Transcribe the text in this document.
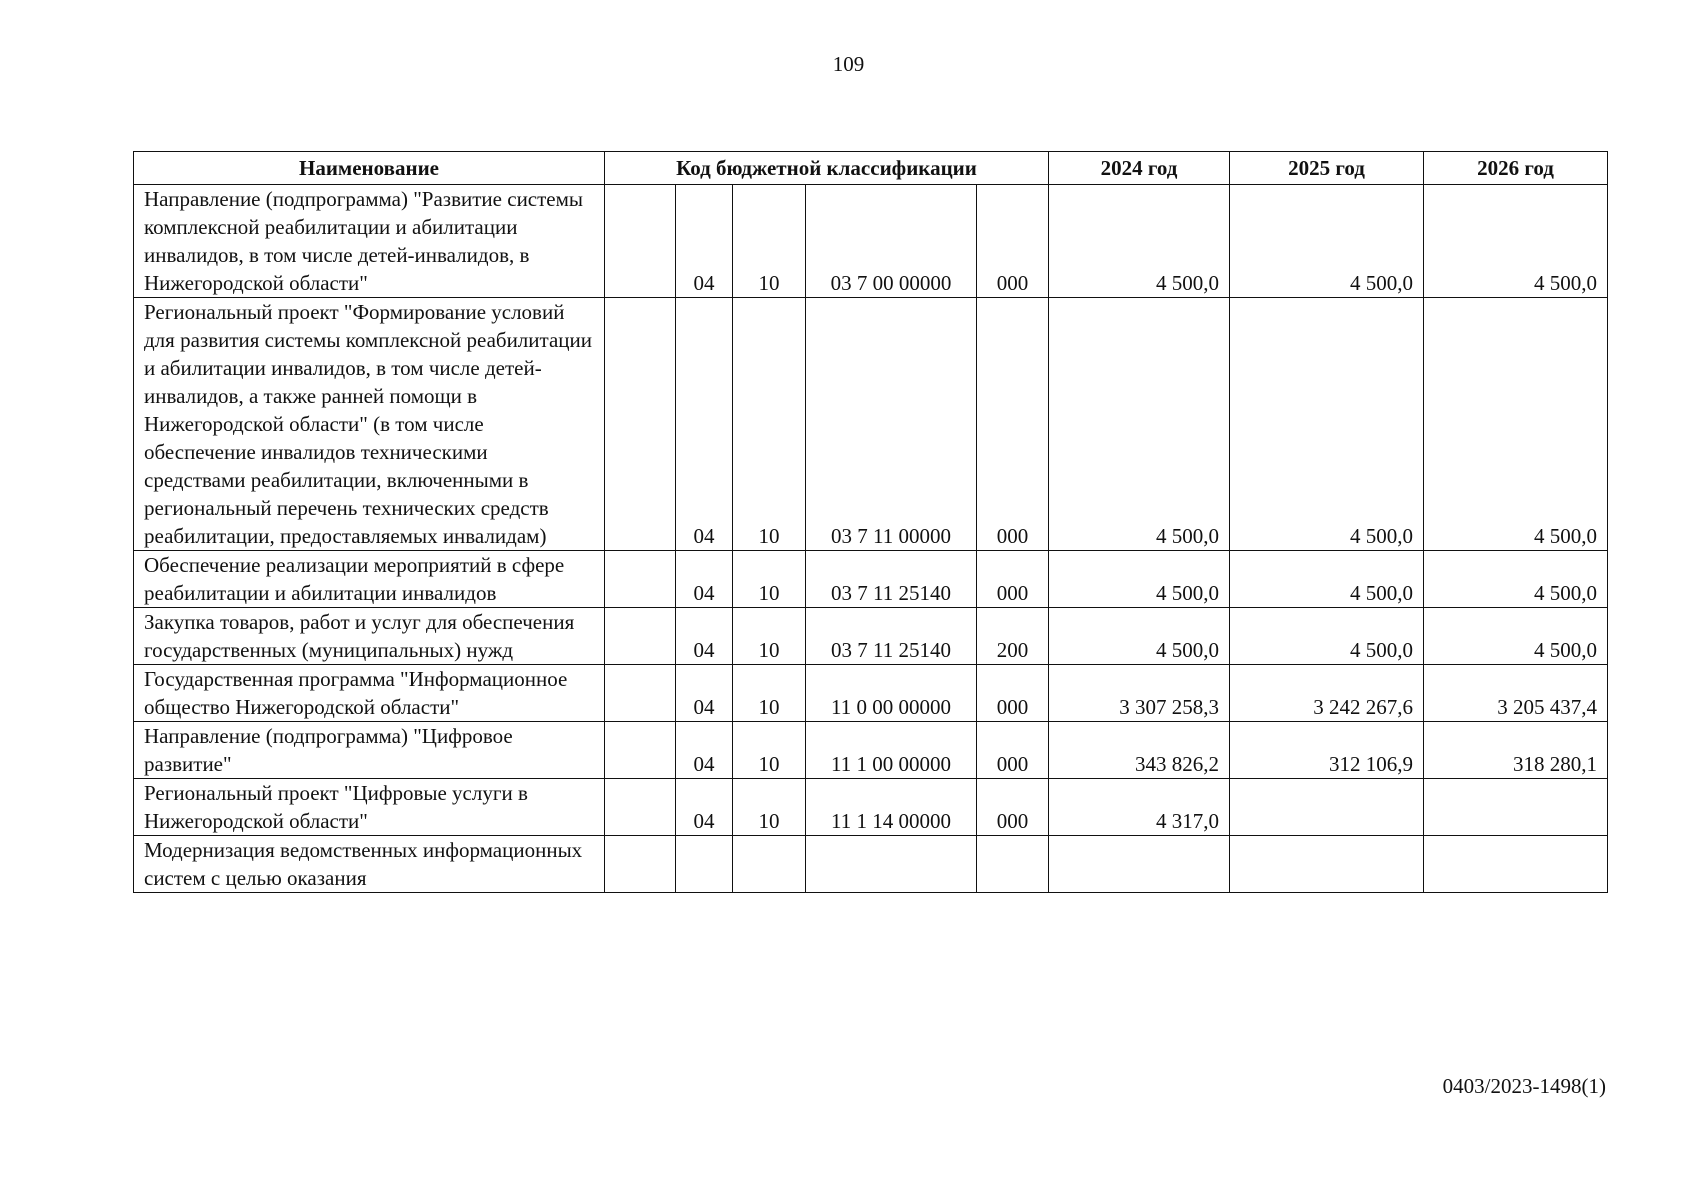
109
Наименование	Код бюджетной классификации					2024 год	2025 год	2026 год
Направление (подпрограмма) "Развитие системы комплексной реабилитации и абилитации инвалидов, в том числе детей-инвалидов, в Нижегородской области"		04	10	03 7 00 00000	000	4 500,0	4 500,0	4 500,0
Региональный проект "Формирование условий для развития системы комплексной реабилитации и абилитации инвалидов, в том числе детей-инвалидов, а также ранней помощи в Нижегородской области" (в том числе обеспечение инвалидов техническими средствами реабилитации, включенными в региональный перечень технических средств реабилитации, предоставляемых инвалидам)		04	10	03 7 11 00000	000	4 500,0	4 500,0	4 500,0
Обеспечение реализации мероприятий в сфере реабилитации и абилитации инвалидов		04	10	03 7 11 25140	000	4 500,0	4 500,0	4 500,0
Закупка товаров, работ и услуг для обеспечения государственных (муниципальных) нужд		04	10	03 7 11 25140	200	4 500,0	4 500,0	4 500,0
Государственная программа "Информационное общество Нижегородской области"		04	10	11 0 00 00000	000	3 307 258,3	3 242 267,6	3 205 437,4
Направление (подпрограмма) "Цифровое развитие"		04	10	11 1 00 00000	000	343 826,2	312 106,9	318 280,1
Региональный проект "Цифровые услуги в Нижегородской области"		04	10	11 1 14 00000	000	4 317,0		
Модернизация ведомственных информационных систем с целью оказания								
0403/2023-1498(1)
